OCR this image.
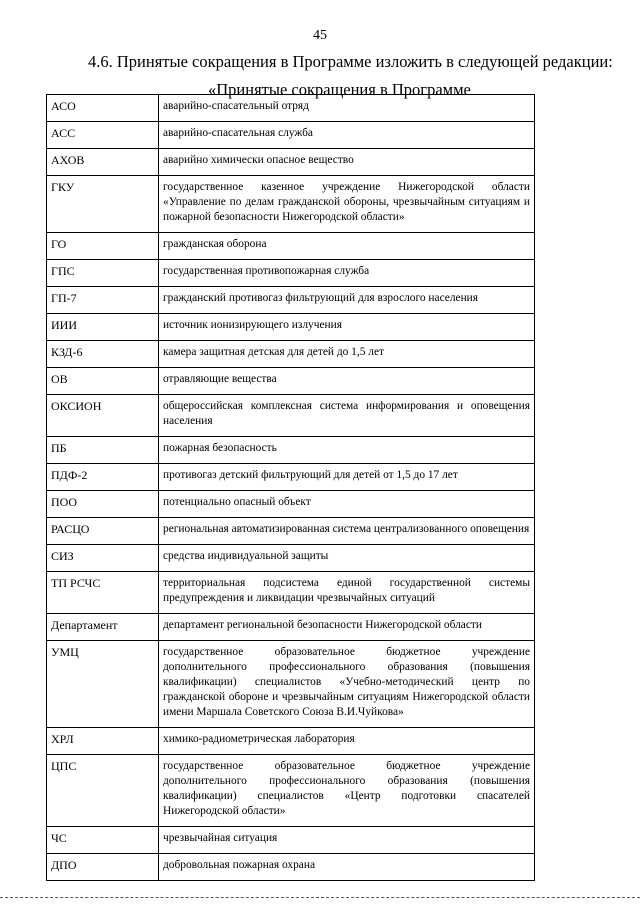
45
4.6. Принятые сокращения в Программе изложить в следующей редакции:
«Принятые сокращения в Программе
АСО	аварийно-спасательный отряд
АСС	аварийно-спасательная служба
АХОВ	аварийно химически опасное вещество
ГКУ	государственное казенное учреждение Нижегородской области «Управление по делам гражданской обороны, чрезвычайным ситуациям и пожарной безопасности Нижегородской области»
ГО	гражданская оборона
ГПС	государственная противопожарная служба
ГП-7	гражданский противогаз фильтрующий для взрослого населения
ИИИ	источник ионизирующего излучения
КЗД-6	камера защитная детская для детей до 1,5 лет
ОВ	отравляющие вещества
ОКСИОН	общероссийская комплексная система информирования и оповещения населения
ПБ	пожарная безопасность
ПДФ-2	противогаз детский фильтрующий для детей от 1,5 до 17 лет
ПОО	потенциально опасный объект
РАСЦО	региональная автоматизированная система централизованного оповещения
СИЗ	средства индивидуальной защиты
ТП РСЧС	территориальная подсистема единой государственной системы предупреждения и ликвидации чрезвычайных ситуаций
Департамент	департамент региональной безопасности Нижегородской области
УМЦ	государственное образовательное бюджетное учреждение дополнительного профессионального образования (повышения квалификации) специалистов «Учебно-методический центр по гражданской обороне и чрезвычайным ситуациям Нижегородской области имени Маршала Советского Союза В.И.Чуйкова»
ХРЛ	химико-радиометрическая лаборатория
ЦПС	государственное образовательное бюджетное учреждение дополнительного профессионального образования (повышения квалификации) специалистов «Центр подготовки спасателей Нижегородской области»
ЧС	чрезвычайная ситуация
ДПО	добровольная пожарная охрана
